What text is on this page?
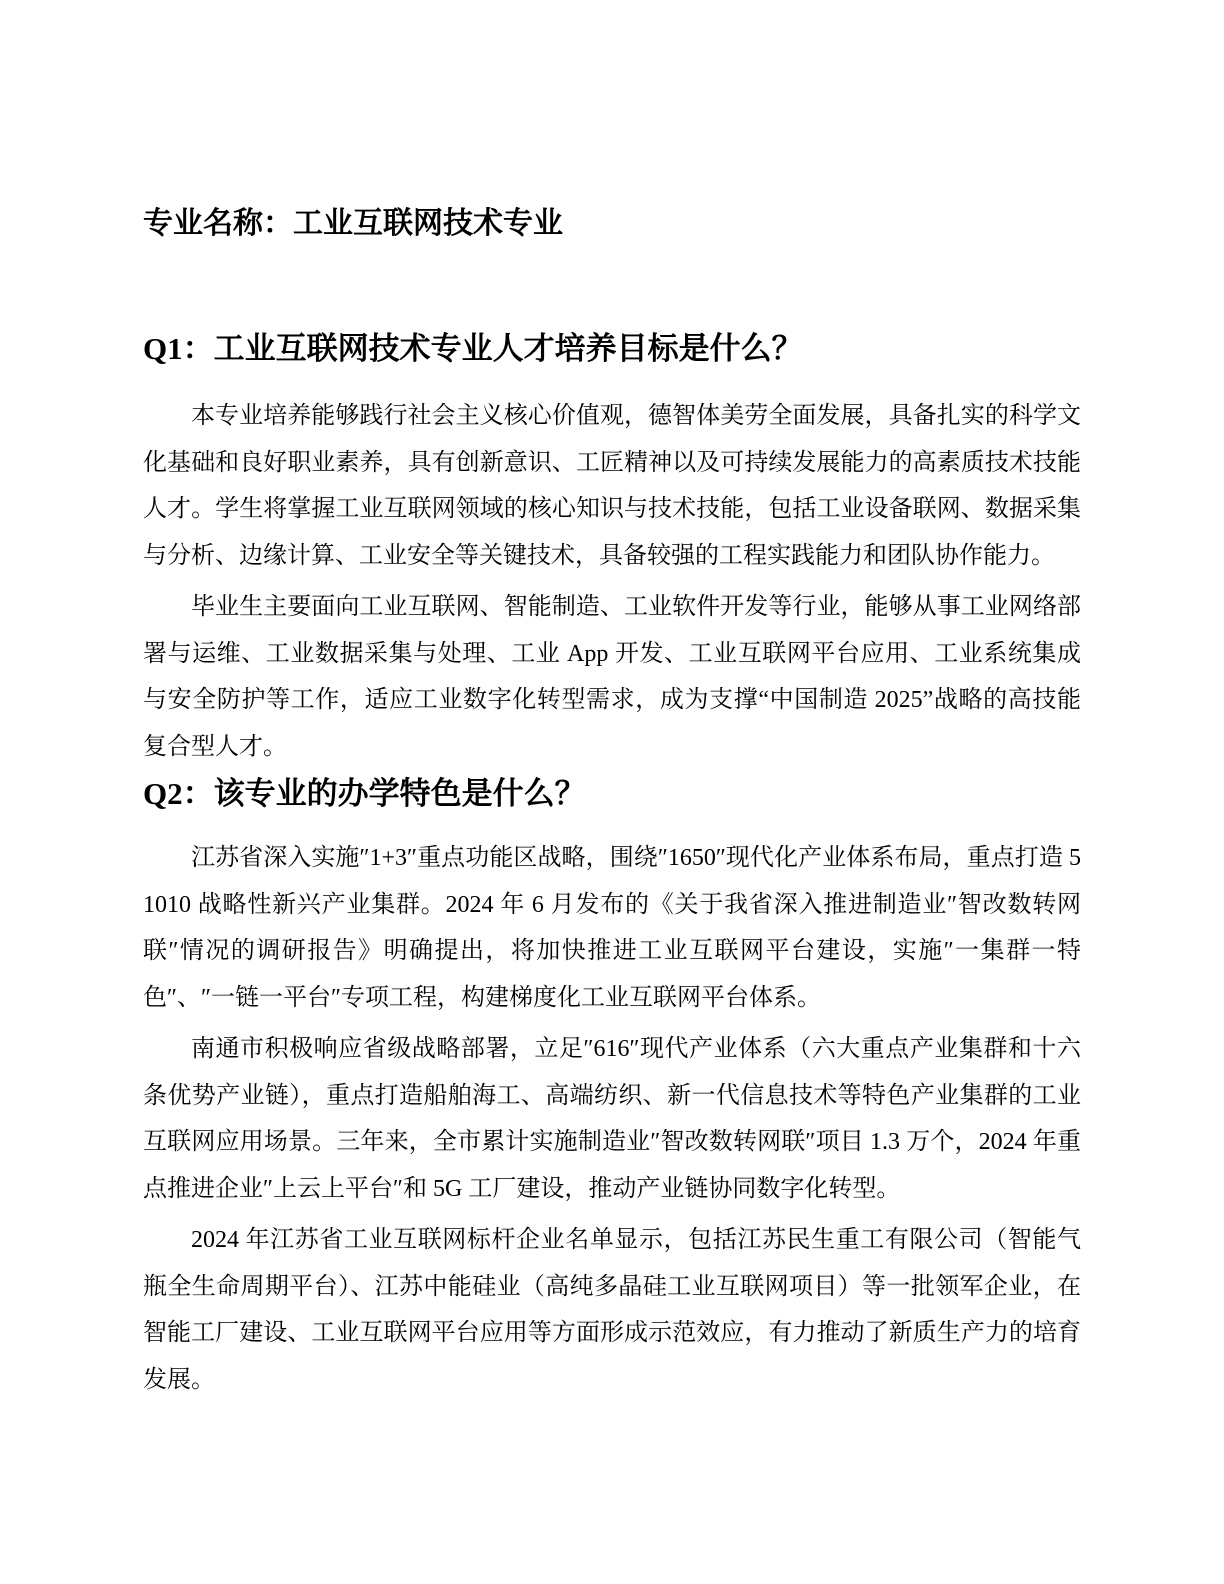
专业名称：工业互联网技术专业
Q1：工业互联网技术专业人才培养目标是什么？

本专业培养能够践行社会主义核心价值观，德智体美劳全面发展，具备扎实的科学文化基础和良好职业素养，具有创新意识、工匠精神以及可持续发展能力的高素质技术技能人才。学生将掌握工业互联网领域的核心知识与技术技能，包括工业设备联网、数据采集与分析、边缘计算、工业安全等关键技术，具备较强的工程实践能力和团队协作能力。

毕业生主要面向工业互联网、智能制造、工业软件开发等行业，能够从事工业网络部署与运维、工业数据采集与处理、工业 App 开发、工业互联网平台应用、工业系统集成与安全防护等工作，适应工业数字化转型需求，成为支撑“中国制造 2025”战略的高技能复合型人才。

Q2：该专业的办学特色是什么？

江苏省深入实施″1+3″重点功能区战略，围绕″1650″现代化产业体系布局，重点打造 51010 战略性新兴产业集群。2024 年 6 月发布的《关于我省深入推进制造业″智改数转网联″情况的调研报告》明确提出，将加快推进工业互联网平台建设，实施″一集群一特色″、″一链一平台″专项工程，构建梯度化工业互联网平台体系。

南通市积极响应省级战略部署，立足″616″现代产业体系（六大重点产业集群和十六条优势产业链），重点打造船舶海工、高端纺织、新一代信息技术等特色产业集群的工业互联网应用场景。三年来，全市累计实施制造业″智改数转网联″项目 1.3 万个，2024 年重点推进企业″上云上平台″和 5G 工厂建设，推动产业链协同数字化转型。

2024 年江苏省工业互联网标杆企业名单显示，包括江苏民生重工有限公司（智能气瓶全生命周期平台）、江苏中能硅业（高纯多晶硅工业互联网项目）等一批领军企业，在智能工厂建设、工业互联网平台应用等方面形成示范效应，有力推动了新质生产力的培育发展。
